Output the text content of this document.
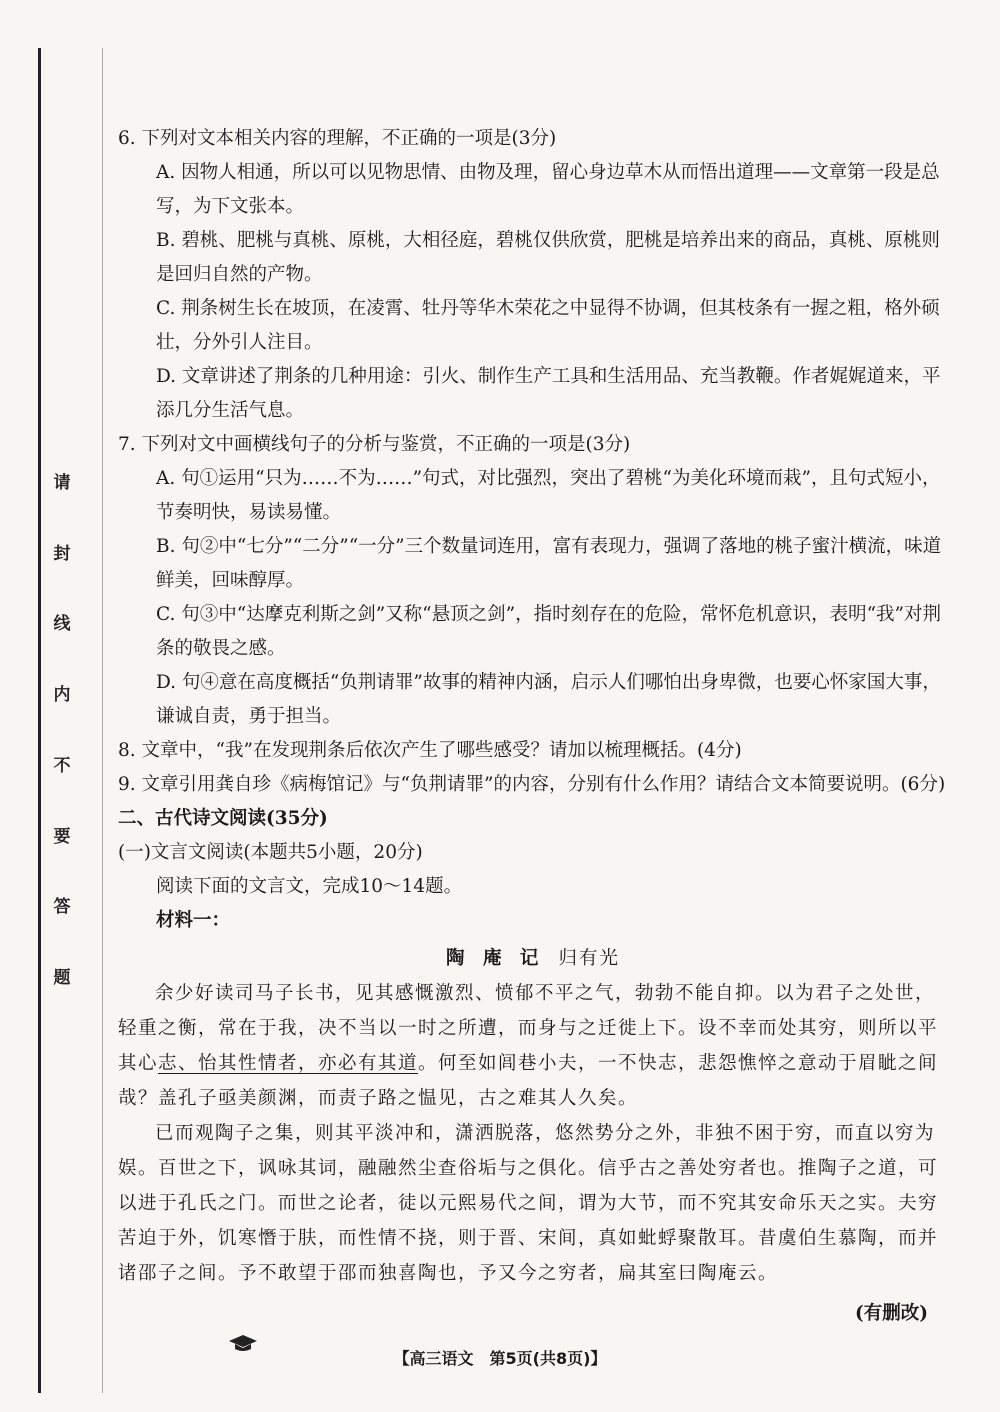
请
封
线
内
不
要
答
题

6. 下列对文本相关内容的理解，不正确的一项是(3分)

A. 因物人相通，所以可以见物思情、由物及理，留心身边草木从而悟出道理——文章第一段是总写，为下文张本。

B. 碧桃、肥桃与真桃、原桃，大相径庭，碧桃仅供欣赏，肥桃是培养出来的商品，真桃、原桃则是回归自然的产物。

C. 荆条树生长在坡顶，在凌霄、牡丹等华木荣花之中显得不协调，但其枝条有一握之粗，格外硕壮，分外引人注目。

D. 文章讲述了荆条的几种用途：引火、制作生产工具和生活用品、充当教鞭。作者娓娓道来，平添几分生活气息。

7. 下列对文中画横线句子的分析与鉴赏，不正确的一项是(3分)

A. 句①运用“只为……不为……”句式，对比强烈，突出了碧桃“为美化环境而栽”，且句式短小，节奏明快，易读易懂。

B. 句②中“七分”“二分”“一分”三个数量词连用，富有表现力，强调了落地的桃子蜜汁横流，味道鲜美，回味醇厚。

C. 句③中“达摩克利斯之剑”又称“悬顶之剑”，指时刻存在的危险，常怀危机意识，表明“我”对荆条的敬畏之感。

D. 句④意在高度概括“负荆请罪”故事的精神内涵，启示人们哪怕出身卑微，也要心怀家国大事，谦诚自责，勇于担当。

8. 文章中，“我”在发现荆条后依次产生了哪些感受？请加以梳理概括。(4分)

9. 文章引用龚自珍《病梅馆记》与“负荆请罪”的内容，分别有什么作用？请结合文本简要说明。(6分)

二、古代诗文阅读(35分)

(一)文言文阅读(本题共5小题，20分)

阅读下面的文言文，完成10～14题。

材料一：

陶 庵 记 归有光

余少好读司马子长书，见其感慨激烈、愤郁不平之气，勃勃不能自抑。以为君子之处世，轻重之衡，常在于我，决不当以一时之所遭，而身与之迁徙上下。设不幸而处其穷，则所以平其心志、怡其性情者，亦必有其道。何至如闾巷小夫，一不快志，悲怨憔悴之意动于眉眦之间哉？盖孔子亟美颜渊，而责子路之愠见，古之难其人久矣。

已而观陶子之集，则其平淡冲和，潇洒脱落，悠然势分之外，非独不困于穷，而直以穷为娱。百世之下，讽咏其词，融融然尘查俗垢与之俱化。信乎古之善处穷者也。推陶子之道，可以进于孔氏之门。而世之论者，徒以元熙易代之间，谓为大节，而不究其安命乐天之实。夫穷苦迫于外，饥寒憯于肤，而性情不挠，则于晋、宋间，真如蚍蜉聚散耳。昔虞伯生慕陶，而并诸邵子之间。予不敢望于邵而独喜陶也，予又今之穷者，扁其室曰陶庵云。

(有删改)

【高三语文　第5页(共8页)】
